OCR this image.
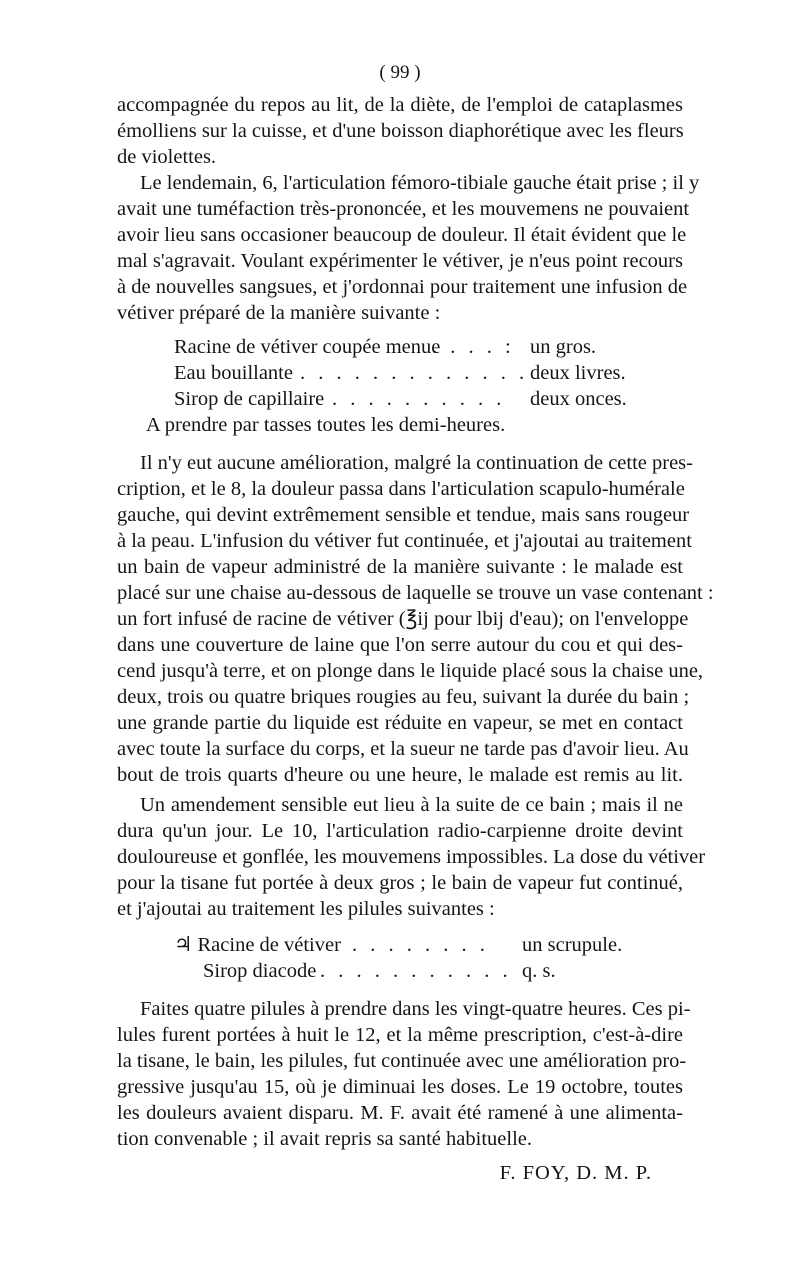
( 99 )
accompagnée du repos au lit, de la diète, de l'emploi de cataplasmes
émolliens sur la cuisse, et d'une boisson diaphorétique avec les fleurs
de violettes.
Le lendemain, 6, l'articulation fémoro-tibiale gauche était prise ; il y
avait une tuméfaction très-prononcée, et les mouvemens ne pouvaient
avoir lieu sans occasioner beaucoup de douleur. Il était évident que le
mal s'agravait. Voulant expérimenter le vétiver, je n'eus point recours
à de nouvelles sangsues, et j'ordonnai pour traitement une infusion de
vétiver préparé de la manière suivante :
Racine de vétiver coupée menue
. . . . : un gros.
Eau bouillante . . . . . . . . . . . . . deux livres.
Sirop de capillaire . . . . . . . . . . deux onces.
A prendre par tasses toutes les demi-heures.
Il n'y eut aucune amélioration, malgré la continuation de cette pres-
cription, et le 8, la douleur passa dans l'articulation scapulo-humérale
gauche, qui devint extrêmement sensible et tendue, mais sans rougeur
à la peau. L'infusion du vétiver fut continuée, et j'ajoutai au traitement
un bain de vapeur administré de la manière suivante : le malade est
placé sur une chaise au-dessous de laquelle se trouve un vase contenant :
un fort infusé de racine de vétiver (℥ij pour lbij d'eau); on l'enveloppe
dans une couverture de laine que l'on serre autour du cou et qui des-
cend jusqu'à terre, et on plonge dans le liquide placé sous la chaise une,
deux, trois ou quatre briques rougies au feu, suivant la durée du bain ;
une grande partie du liquide est réduite en vapeur, se met en contact
avec toute la surface du corps, et la sueur ne tarde pas d'avoir lieu. Au
bout de trois quarts d'heure ou une heure, le malade est remis au lit.
Un amendement sensible eut lieu à la suite de ce bain ; mais il ne
dura qu'un jour. Le 10, l'articulation radio-carpienne droite devint
douloureuse et gonflée, les mouvemens impossibles. La dose du vétiver
pour la tisane fut portée à deux gros ; le bain de vapeur fut continué,
et j'ajoutai au traitement les pilules suivantes :
♃ Racine de vétiver . . . . . . . . un scrupule.
Sirop diacode . . . . . . . . . . . q. s.
Faites quatre pilules à prendre dans les vingt-quatre heures. Ces pi-
lules furent portées à huit le 12, et la même prescription, c'est-à-dire
la tisane, le bain, les pilules, fut continuée avec une amélioration pro-
gressive jusqu'au 15, où je diminuai les doses. Le 19 octobre, toutes
les douleurs avaient disparu. M. F. avait été ramené à une alimenta-
tion convenable ; il avait repris sa santé habituelle.
F. FOY, D. M. P.
